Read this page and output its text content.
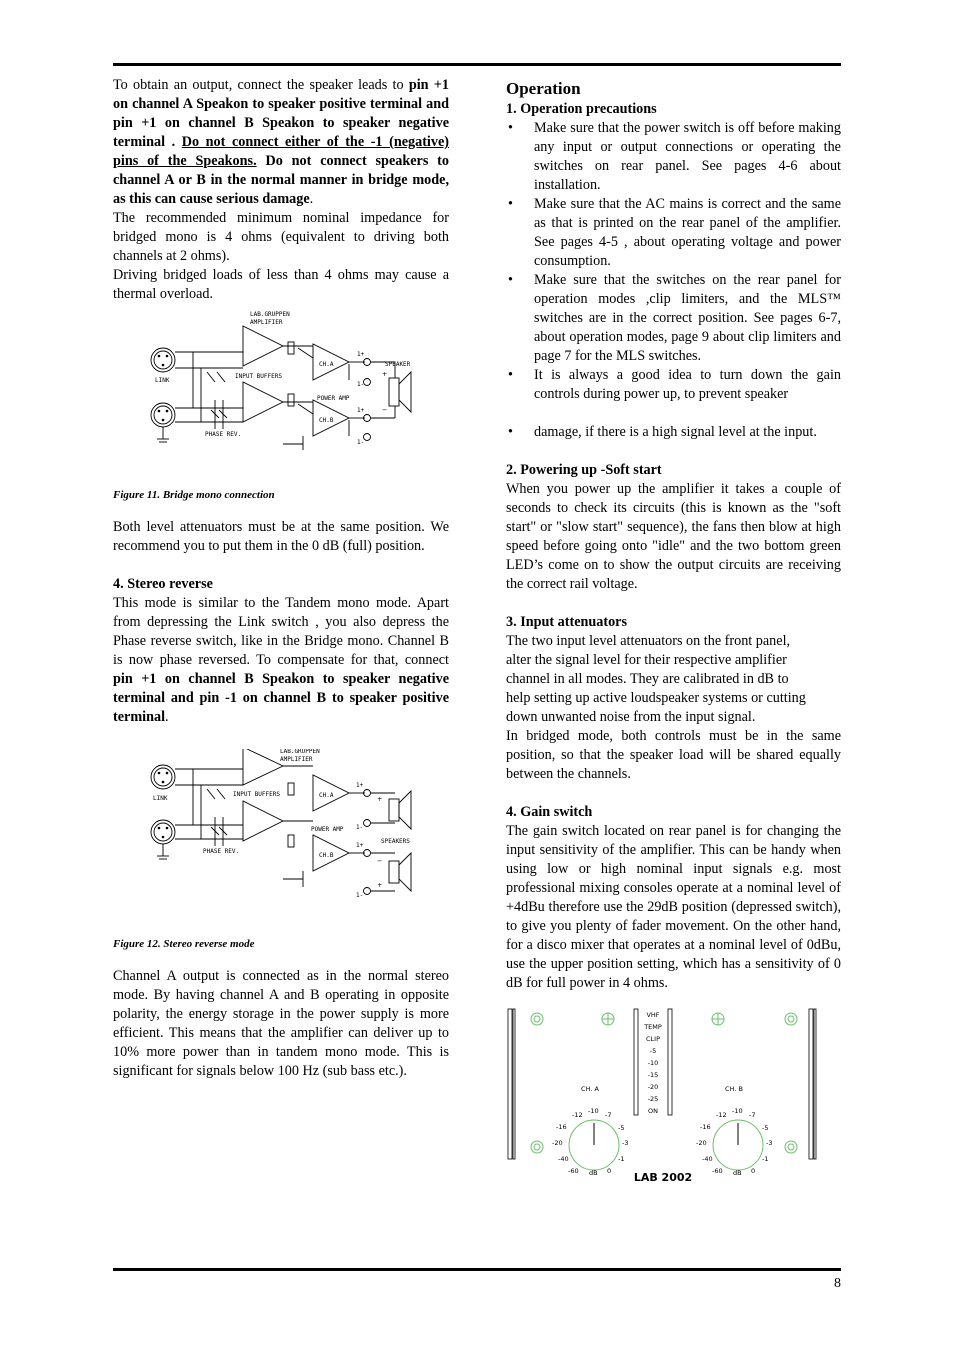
To obtain an output, connect the speaker leads to pin +1 on channel A Speakon to speaker positive terminal and pin +1 on channel B Speakon to speaker negative terminal . Do not connect either of the -1 (negative) pins of the Speakons. Do not connect speakers to channel A or B in the normal manner in bridge mode, as this can cause serious damage.

The recommended minimum nominal impedance for bridged mono is 4 ohms (equivalent to driving both channels at 2 ohms).

Driving bridged loads of less than 4 ohms may cause a thermal overload.

LAB.GRUPPEN
AMPLIFIER
INPUT BUFFERS
LINK
PHASE REV.
CH.A
CH.B
POWER AMP
SPEAKER
1+
1-
1+
1-
+
−

Figure 11. Bridge mono connection

Both level attenuators must be at the same position. We recommend you to put them in the 0 dB (full) position.

4. Stereo reverse

This mode is similar to the Tandem mono mode. Apart from depressing the Link switch , you also depress the Phase reverse switch, like in the Bridge mono. Channel B is now phase reversed. To compensate for that, connect pin +1 on channel B Speakon to speaker negative terminal and pin -1 on channel B to speaker positive terminal.

LAB.GRUPPEN
AMPLIFIER
INPUT BUFFERS
LINK
PHASE REV.
CH.A
CH.B
POWER AMP
SPEAKERS
1+
1-
1+
1-
+
−
−
+

Figure 12. Stereo reverse mode

Channel A output is connected as in the normal stereo mode. By having channel A and B operating in opposite polarity, the energy storage in the power supply is more efficient. This means that the amplifier can deliver up to 10% more power than in tandem mono mode. This is significant for signals below 100 Hz (sub bass etc.).

Operation

1. Operation precautions

• Make sure that the power switch is off before making any input or output connections or operating the switches on rear panel. See pages 4-6 about installation.
• Make sure that the AC mains is correct and the same as that is printed on the rear panel of the amplifier. See pages 4-5 , about operating voltage and power consumption.
• Make sure that the switches on the rear panel for operation modes ,clip limiters, and the MLS™ switches are in the correct position. See pages 6-7, about operation modes, page 9 about clip limiters and page 7 for the MLS switches.
• It is always a good idea to turn down the gain controls during power up, to prevent speaker
• damage, if there is a high signal level at the input.

2. Powering up -Soft start

When you power up the amplifier it takes a couple of seconds to check its circuits (this is known as the "soft start" or "slow start" sequence), the fans then blow at high speed before going onto "idle" and the two bottom green LED’s come on to show the output circuits are receiving the correct rail voltage.

3. Input attenuators

The two input level attenuators on the front panel,
alter the signal level for their respective amplifier
channel in all modes. They are calibrated in dB to
help setting up active loudspeaker systems or cutting
down unwanted noise from the input signal.

In bridged mode, both controls must be in the same position, so that the speaker load will be shared equally between the channels.

4. Gain switch

The gain switch located on rear panel is for changing the input sensitivity of the amplifier. This can be handy when using low or high nominal input signals e.g. most professional mixing consoles operate at a nominal level of +4dBu therefore use the 29dB position (depressed switch), to give you plenty of fader movement. On the other hand, for a disco mixer that operates at a nominal level of 0dBu, use the upper position setting, which has a sensitivity of 0 dB for full power in 4 ohms.

VHF
TEMP
CLIP
-5
-10
-15
-20
-25
ON
CH. A	CH. B
-12 -10 -7
-5
-3
-1
0
dB
-60
-40
-20
-16
-12 -10 -7
-5
-3
-1
0
dB
-60
-40
-20
-16
LAB 2002
8
